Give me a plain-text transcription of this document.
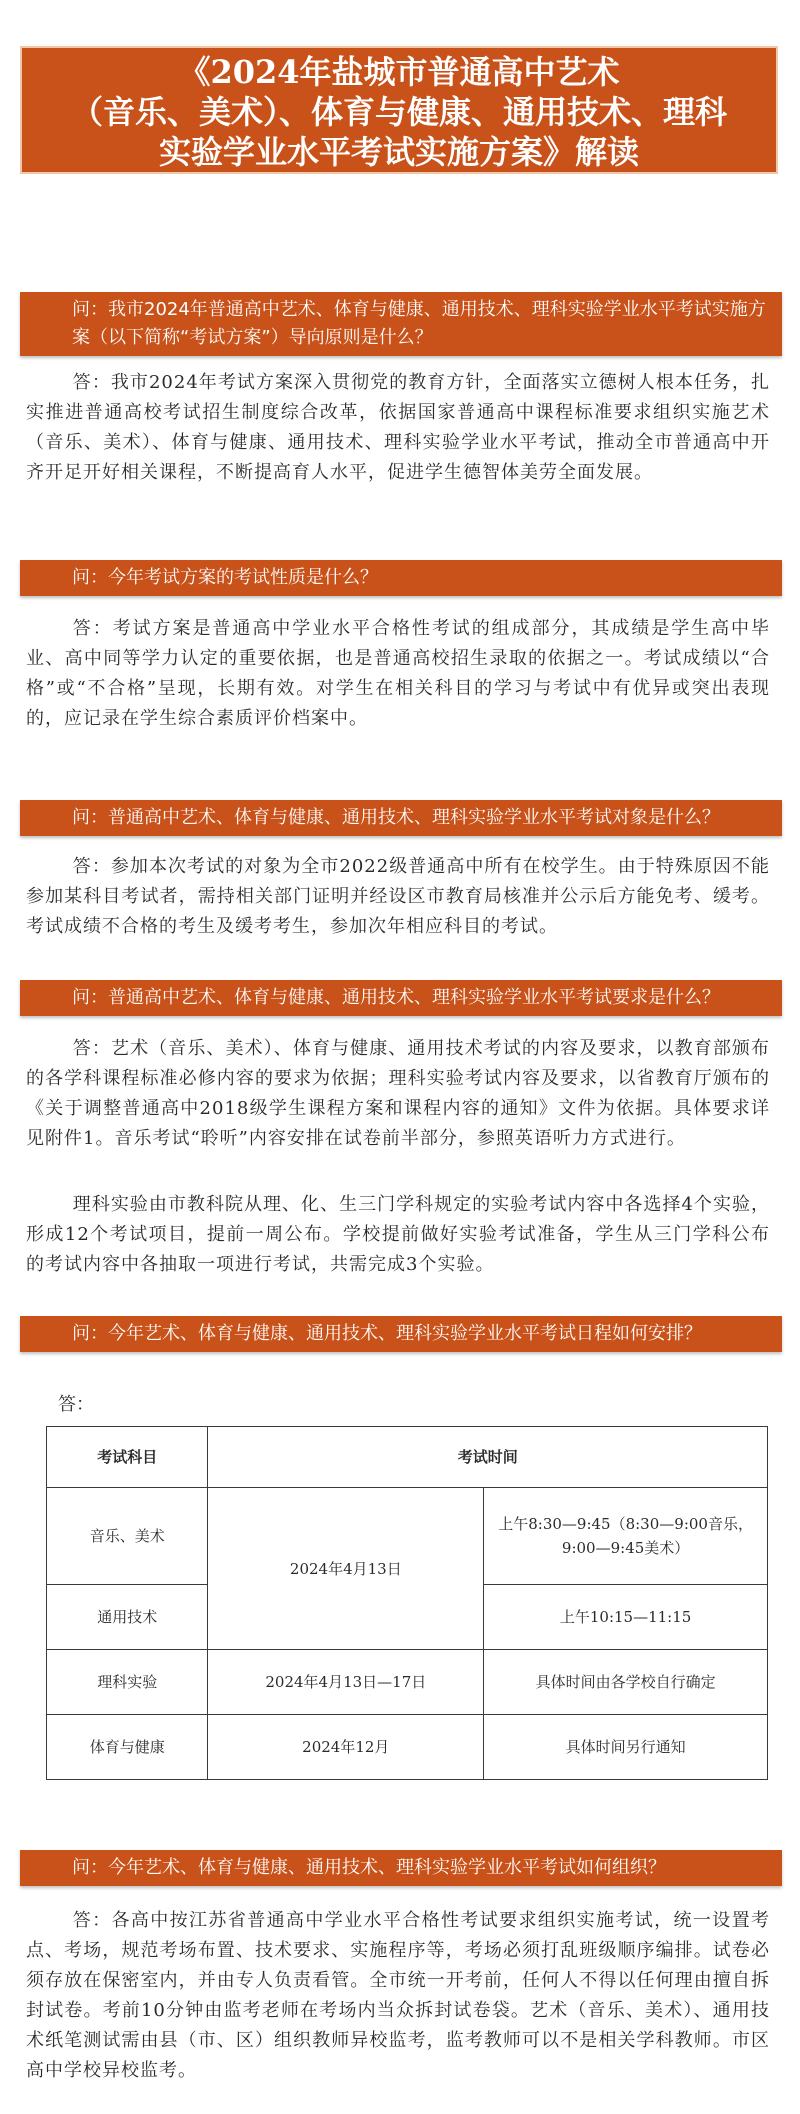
《2024年盐城市普通高中艺术
（音乐、美术）、体育与健康、通用技术、理科
实验学业水平考试实施方案》解读
问：我市2024年普通高中艺术、体育与健康、通用技术、理科实验学业水平考试实施方案（以下简称“考试方案”）导向原则是什么？
答：我市2024年考试方案深入贯彻党的教育方针，全面落实立德树人根本任务，扎实推进普通高校考试招生制度综合改革，依据国家普通高中课程标准要求组织实施艺术（音乐、美术）、体育与健康、通用技术、理科实验学业水平考试，推动全市普通高中开齐开足开好相关课程，不断提高育人水平，促进学生德智体美劳全面发展。
问：今年考试方案的考试性质是什么？
答：考试方案是普通高中学业水平合格性考试的组成部分，其成绩是学生高中毕业、高中同等学力认定的重要依据，也是普通高校招生录取的依据之一。考试成绩以“合格”或“不合格”呈现，长期有效。对学生在相关科目的学习与考试中有优异或突出表现的，应记录在学生综合素质评价档案中。
问：普通高中艺术、体育与健康、通用技术、理科实验学业水平考试对象是什么？
答：参加本次考试的对象为全市2022级普通高中所有在校学生。由于特殊原因不能参加某科目考试者，需持相关部门证明并经设区市教育局核准并公示后方能免考、缓考。考试成绩不合格的考生及缓考考生，参加次年相应科目的考试。
问：普通高中艺术、体育与健康、通用技术、理科实验学业水平考试要求是什么？
答：艺术（音乐、美术）、体育与健康、通用技术考试的内容及要求，以教育部颁布的各学科课程标准必修内容的要求为依据；理科实验考试内容及要求，以省教育厅颁布的《关于调整普通高中2018级学生课程方案和课程内容的通知》文件为依据。具体要求详见附件1。音乐考试“聆听”内容安排在试卷前半部分，参照英语听力方式进行。
理科实验由市教科院从理、化、生三门学科规定的实验考试内容中各选择4个实验，形成12个考试项目，提前一周公布。学校提前做好实验考试准备，学生从三门学科公布的考试内容中各抽取一项进行考试，共需完成3个实验。
问：今年艺术、体育与健康、通用技术、理科实验学业水平考试日程如何安排？
答：
考试科目	考试时间	
音乐、美术	2024年4月13日	上午8:30—9:45（8:30—9:00音乐，9:00—9:45美术）
通用技术		上午10:15—11:15
理科实验	2024年4月13日—17日	具体时间由各学校自行确定
体育与健康	2024年12月	具体时间另行通知
问：今年艺术、体育与健康、通用技术、理科实验学业水平考试如何组织？
答：各高中按江苏省普通高中学业水平合格性考试要求组织实施考试，统一设置考点、考场，规范考场布置、技术要求、实施程序等，考场必须打乱班级顺序编排。试卷必须存放在保密室内，并由专人负责看管。全市统一开考前，任何人不得以任何理由擅自拆封试卷。考前10分钟由监考老师在考场内当众拆封试卷袋。艺术（音乐、美术）、通用技术纸笔测试需由县（市、区）组织教师异校监考，监考教师可以不是相关学科教师。市区高中学校异校监考。
